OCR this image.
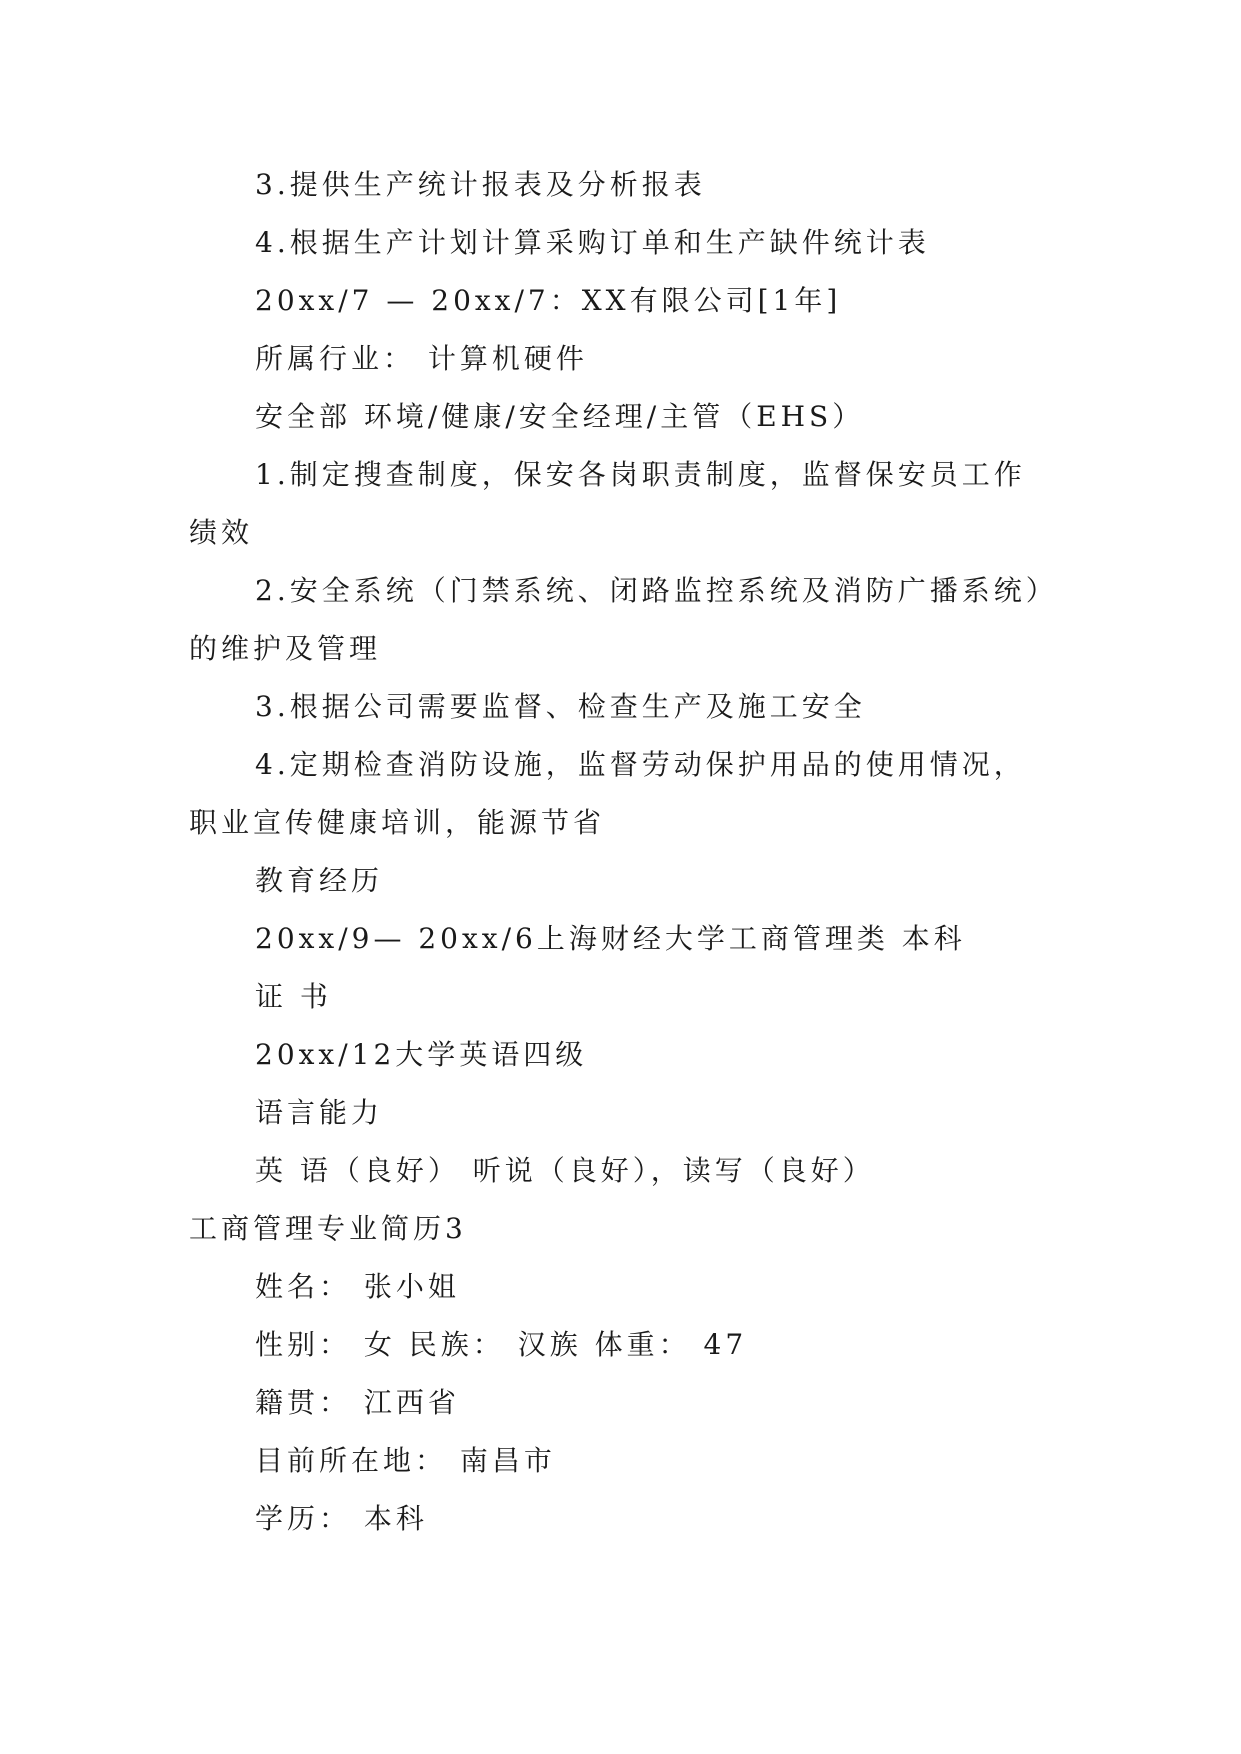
3.提供生产统计报表及分析报表
4.根据生产计划计算采购订单和生产缺件统计表
20xx/7 — 20xx/7：XX有限公司[1年]
所属行业： 计算机硬件
安全部 环境/健康/安全经理/主管（EHS）
1.制定搜查制度，保安各岗职责制度，监督保安员工作
绩效
2.安全系统（门禁系统、闭路监控系统及消防广播系统）
的维护及管理
3.根据公司需要监督、检查生产及施工安全
4.定期检查消防设施，监督劳动保护用品的使用情况，
职业宣传健康培训，能源节省
教育经历
20xx/9— 20xx/6上海财经大学工商管理类 本科
证 书
20xx/12大学英语四级
语言能力
英 语（良好） 听说（良好），读写（良好）
工商管理专业简历3
姓名： 张小姐
性别： 女 民族： 汉族 体重： 47
籍贯： 江西省
目前所在地： 南昌市
学历： 本科
